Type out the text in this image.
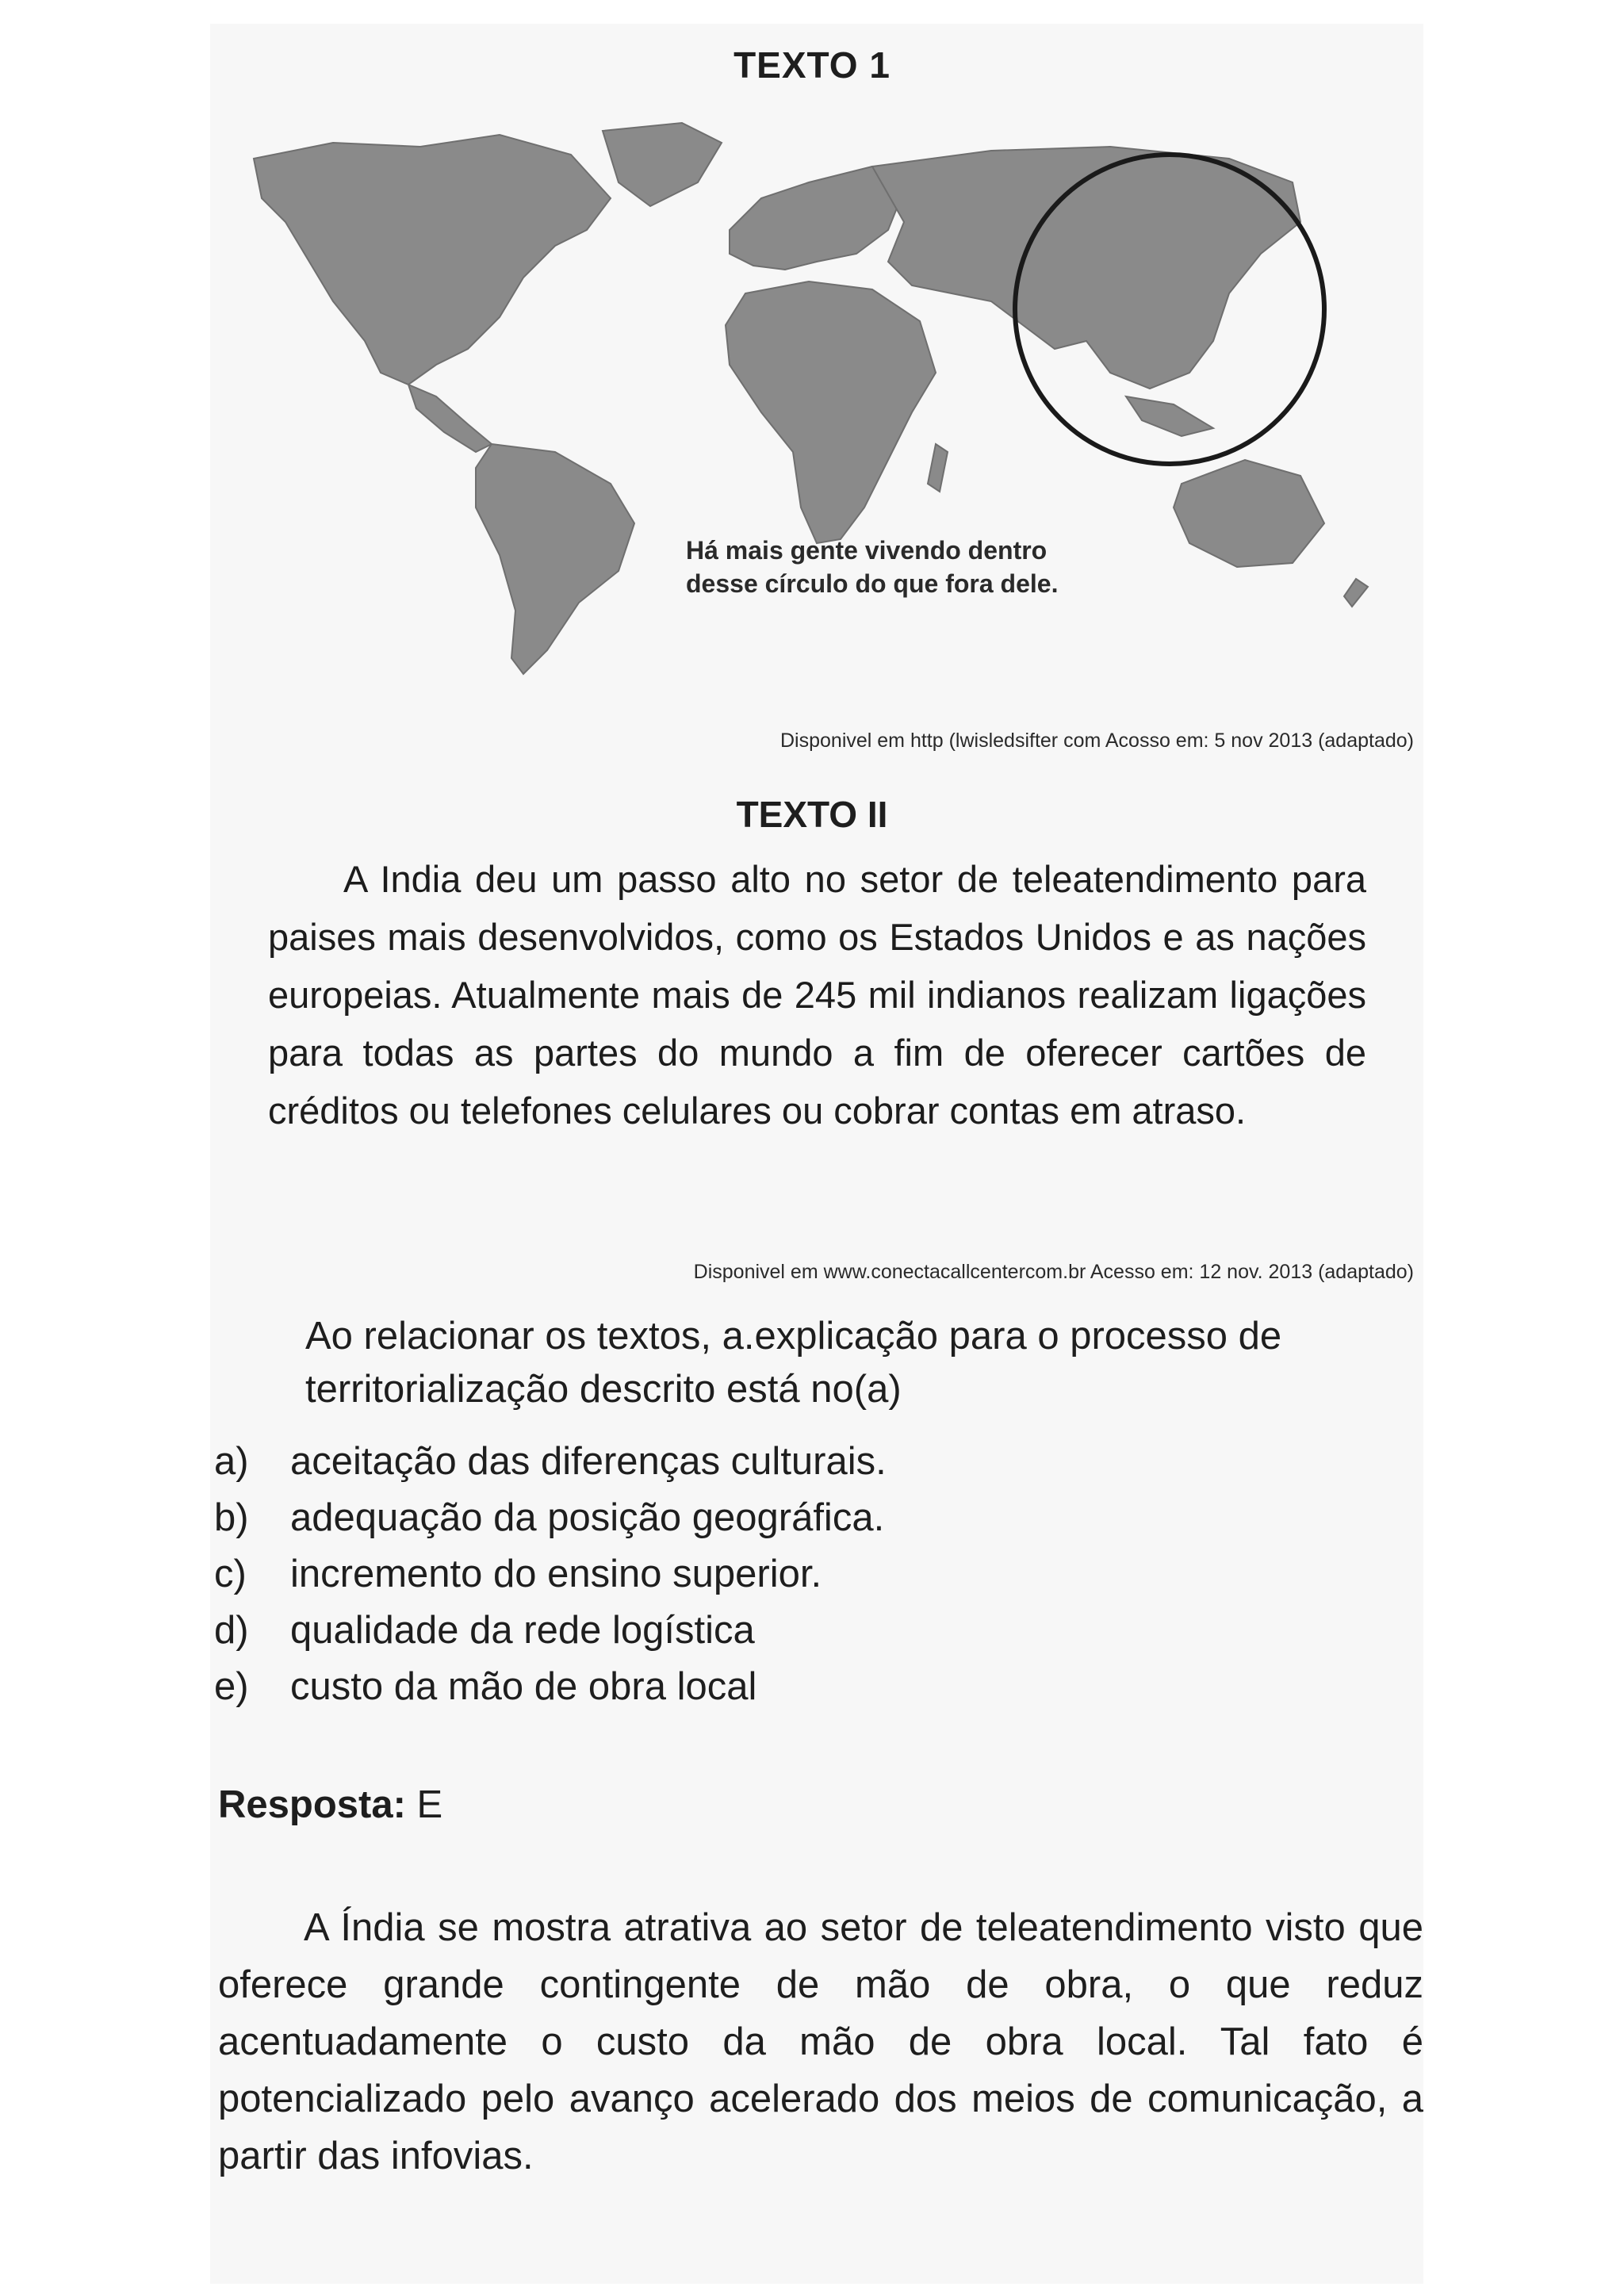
TEXTO 1
Há mais gente vivendo dentro
desse círculo do que fora dele.
Disponivel em http (lwisledsifter com Acosso em: 5 nov 2013 (adaptado)
TEXTO II
A India deu um passo alto no setor de teleatendimento para paises mais desenvolvidos, como os Estados Unidos e as nações europeias. Atualmente mais de 245 mil indianos realizam ligações para todas as partes do mundo a fim de oferecer cartões de créditos ou telefones celulares ou cobrar contas em atraso.
Disponivel em www.conectacallcentercom.br Acesso em: 12 nov. 2013 (adaptado)
Ao relacionar os textos, a.explicação para o processo de territorialização descrito está no(a)
a)	aceitação das diferenças culturais.
b)	adequação da posição geográfica.
c)	incremento do ensino superior.
d)	qualidade da rede logística
e)	custo da mão de obra local
Resposta: E
A Índia se mostra atrativa ao setor de teleatendimento visto que oferece grande contingente de mão de obra, o que reduz acentuadamente o custo da mão de obra local. Tal fato é potencializado pelo avanço acelerado dos meios de comunicação, a partir das infovias.
